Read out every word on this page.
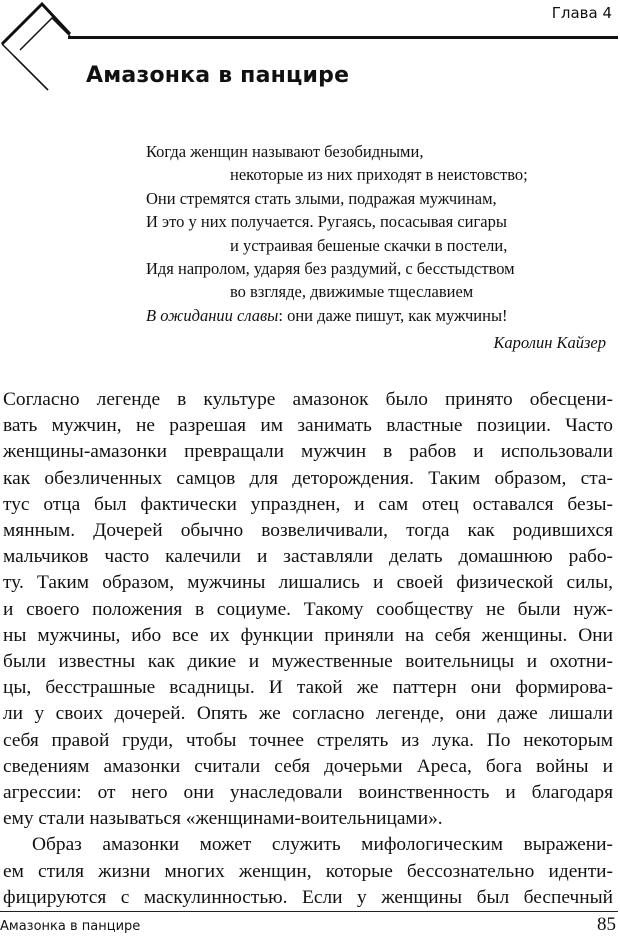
Глава 4
Амазонка в панцире
Когда женщин называют безобидными,
некоторые из них приходят в неистовство;
Они стремятся стать злыми, подражая мужчинам,
И это у них получается. Ругаясь, посасывая сигары
и устраивая бешеные скачки в постели,
Идя напролом, ударяя без раздумий, с бесстыдством
во взгляде, движимые тщеславием
В ожидании славы: они даже пишут, как мужчины!
Каролин Кайзер

Согласно легенде в культуре амазонок было принято обесцени-
вать мужчин, не разрешая им занимать властные позиции. Часто
женщины-амазонки превращали мужчин в рабов и использовали
как обезличенных самцов для деторождения. Таким образом, ста-
тус отца был фактически упразднен, и сам отец оставался безы-
мянным. Дочерей обычно возвеличивали, тогда как родившихся
мальчиков часто калечили и заставляли делать домашнюю рабо-
ту. Таким образом, мужчины лишались и своей физической силы,
и своего положения в социуме. Такому сообществу не были нуж-
ны мужчины, ибо все их функции приняли на себя женщины. Они
были известны как дикие и мужественные воительницы и охотни-
цы, бесстрашные всадницы. И такой же паттерн они формирова-
ли у своих дочерей. Опять же согласно легенде, они даже лишали
себя правой груди, чтобы точнее стрелять из лука. По некоторым
сведениям амазонки считали себя дочерьми Ареса, бога войны и
агрессии: от него они унаследовали воинственность и благодаря
ему стали называться «женщинами-воительницами».

Образ амазонки может служить мифологическим выражени-
ем стиля жизни многих женщин, которые бессознательно иденти-
фицируются с маскулинностью. Если у женщины был беспечный

Амазонка в панцире	85
